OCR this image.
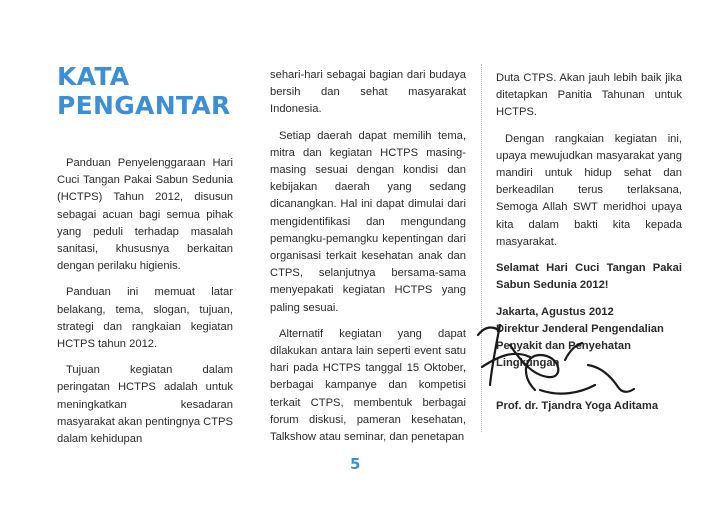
KATA
PENGANTAR

Panduan Penyelenggaraan Hari Cuci Tangan Pakai Sabun Sedunia (HCTPS) Tahun 2012, disusun sebagai acuan bagi semua pihak yang peduli terhadap masalah sanitasi, khususnya berkaitan dengan perilaku higienis.

Panduan ini memuat latar belakang, tema, slogan, tujuan, strategi dan rangkaian kegiatan HCTPS tahun 2012.

Tujuan kegiatan dalam peringatan HCTPS adalah untuk meningkatkan kesadaran masyarakat akan pentingnya CTPS dalam kehidupan

sehari-hari sebagai bagian dari budaya bersih dan sehat masyarakat Indonesia.

Setiap daerah dapat memilih tema, mitra dan kegiatan HCTPS masing-masing sesuai dengan kondisi dan kebijakan daerah yang sedang dicanangkan. Hal ini dapat dimulai dari mengidentifikasi dan mengundang pemangku-pemangku kepentingan dari organisasi terkait kesehatan anak dan CTPS, selanjutnya bersama-sama menyepakati kegiatan HCTPS yang paling sesuai.

Alternatif kegiatan yang dapat dilakukan antara lain seperti event satu hari pada HCTPS tanggal 15 Oktober, berbagai kampanye dan kompetisi terkait CTPS, membentuk berbagai forum diskusi, pameran kesehatan, Talkshow atau seminar, dan penetapan

Duta CTPS. Akan jauh lebih baik jika ditetapkan Panitia Tahunan untuk HCTPS.

Dengan rangkaian kegiatan ini, upaya mewujudkan masyarakat yang mandiri untuk hidup sehat dan berkeadilan terus terlaksana, Semoga Allah SWT meridhoi upaya kita dalam bakti kita kepada masyarakat.

Selamat Hari Cuci Tangan Pakai Sabun Sedunia 2012!

Jakarta, Agustus 2012
Direktur Jenderal Pengendalian Penyakit dan Penyehatan Lingkungan
Prof. dr. Tjandra Yoga Aditama
5
